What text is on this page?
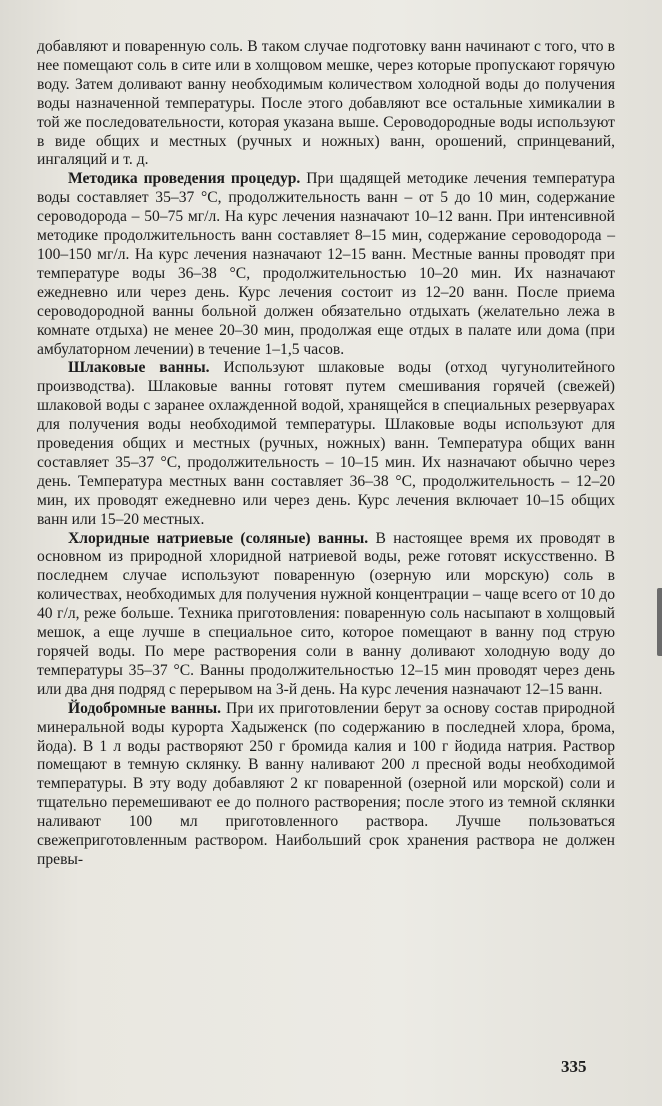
добавляют и поваренную соль. В таком случае подготовку ванн начинают с того, что в нее помещают соль в сите или в холщовом мешке, через которые пропускают горячую воду. Затем доливают ванну необходимым количеством холодной воды до получения воды назначенной температуры. После этого добавляют все остальные химикалии в той же последовательности, которая указана выше. Сероводородные воды используют в виде общих и местных (ручных и ножных) ванн, орошений, спринцеваний, ингаляций и т. д.

Методика проведения процедур. При щадящей методике лечения температура воды составляет 35–37 °С, продолжительность ванн – от 5 до 10 мин, содержание сероводорода – 50–75 мг/л. На курс лечения назначают 10–12 ванн. При интенсивной методике продолжительность ванн составляет 8–15 мин, содержание сероводорода – 100–150 мг/л. На курс лечения назначают 12–15 ванн. Местные ванны проводят при температуре воды 36–38 °С, продолжительностью 10–20 мин. Их назначают ежедневно или через день. Курс лечения состоит из 12–20 ванн. После приема сероводородной ванны больной должен обязательно отдыхать (желательно лежа в комнате отдыха) не менее 20–30 мин, продолжая еще отдых в палате или дома (при амбулаторном лечении) в течение 1–1,5 часов.

Шлаковые ванны. Используют шлаковые воды (отход чугунолитейного производства). Шлаковые ванны готовят путем смешивания горячей (свежей) шлаковой воды с заранее охлажденной водой, хранящейся в специальных резервуарах для получения воды необходимой температуры. Шлаковые воды используют для проведения общих и местных (ручных, ножных) ванн. Температура общих ванн составляет 35–37 °С, продолжительность – 10–15 мин. Их назначают обычно через день. Температура местных ванн составляет 36–38 °С, продолжительность – 12–20 мин, их проводят ежедневно или через день. Курс лечения включает 10–15 общих ванн или 15–20 местных.

Хлоридные натриевые (соляные) ванны. В настоящее время их проводят в основном из природной хлоридной натриевой воды, реже готовят искусственно. В последнем случае используют поваренную (озерную или морскую) соль в количествах, необходимых для получения нужной концентрации – чаще всего от 10 до 40 г/л, реже больше. Техника приготовления: поваренную соль насыпают в холщовый мешок, а еще лучше в специальное сито, которое помещают в ванну под струю горячей воды. По мере растворения соли в ванну доливают холодную воду до температуры 35–37 °С. Ванны продолжительностью 12–15 мин проводят через день или два дня подряд с перерывом на 3-й день. На курс лечения назначают 12–15 ванн.

Йодобромные ванны. При их приготовлении берут за основу состав природной минеральной воды курорта Хадыженск (по содержанию в последней хлора, брома, йода). В 1 л воды растворяют 250 г бромида калия и 100 г йодида натрия. Раствор помещают в темную склянку. В ванну наливают 200 л пресной воды необходимой температуры. В эту воду добавляют 2 кг поваренной (озерной или морской) соли и тщательно перемешивают ее до полного растворения; после этого из темной склянки наливают 100 мл приготовленного раствора. Лучше пользоваться свежеприготовленным раствором. Наибольший срок хранения раствора не должен превы-

335
